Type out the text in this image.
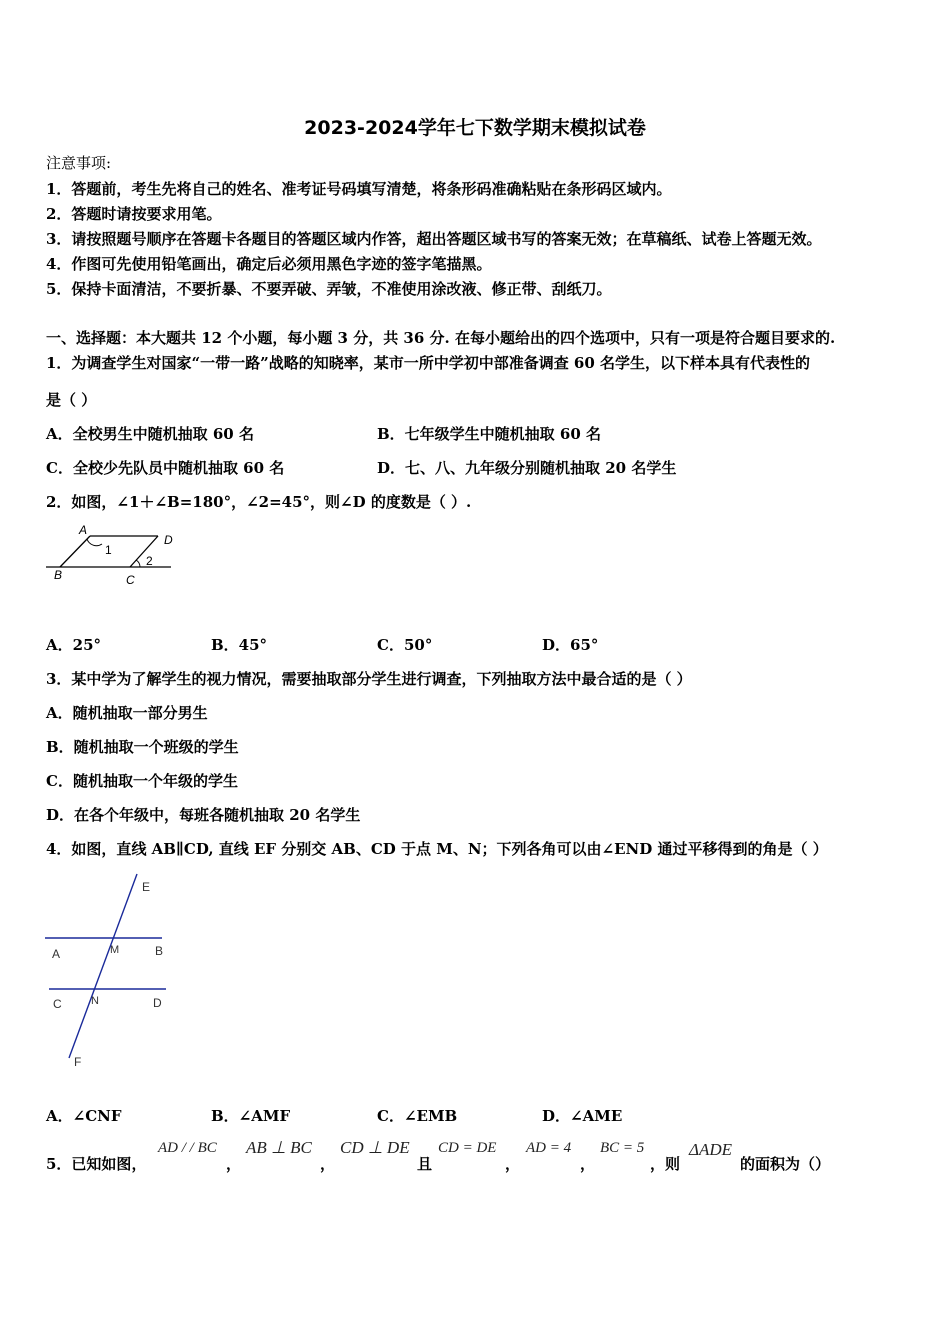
2023-2024学年七下数学期末模拟试卷
注意事项:
1．答题前，考生先将自己的姓名、准考证号码填写清楚，将条形码准确粘贴在条形码区域内。
2．答题时请按要求用笔。
3．请按照题号顺序在答题卡各题目的答题区域内作答，超出答题区域书写的答案无效；在草稿纸、试卷上答题无效。
4．作图可先使用铅笔画出，确定后必须用黑色字迹的签字笔描黑。
5．保持卡面清洁，不要折暴、不要弄破、弄皱，不准使用涂改液、修正带、刮纸刀。
一、选择题：本大题共 12 个小题，每小题 3 分，共 36 分. 在每小题给出的四个选项中，只有一项是符合题目要求的.
1．为调查学生对国家“一带一路”战略的知晓率，某市一所中学初中部准备调查 60 名学生，以下样本具有代表性的
是（ ）
A．全校男生中随机抽取 60 名	B．七年级学生中随机抽取 60 名
C．全校少先队员中随机抽取 60 名	D．七、八、九年级分别随机抽取 20 名学生
2．如图，∠1＋∠B=180°，∠2=45°，则∠D 的度数是（ ）.
A
B	C
D
1
2
A．25°	B．45°	C．50°	D．65°
3．某中学为了解学生的视力情况，需要抽取部分学生进行调查，下列抽取方法中最合适的是（ ）
A．随机抽取一部分男生
B．随机抽取一个班级的学生
C．随机抽取一个年级的学生
D．在各个年级中，每班各随机抽取 20 名学生
4．如图，直线 AB∥CD, 直线 EF 分别交 AB、CD 于点 M、N；下列各角可以由∠END 通过平移得到的角是（ ）
E
A	M	B
C	N	D
F
A．∠CNF	B．∠AMF	C．∠EMB	D．∠AME
5．已知如图，
AD / / BC
，
AB ⊥ BC
，
CD ⊥ DE
且
CD = DE
，
AD = 4
，
BC = 5
，则
ΔADE
的面积为（）
